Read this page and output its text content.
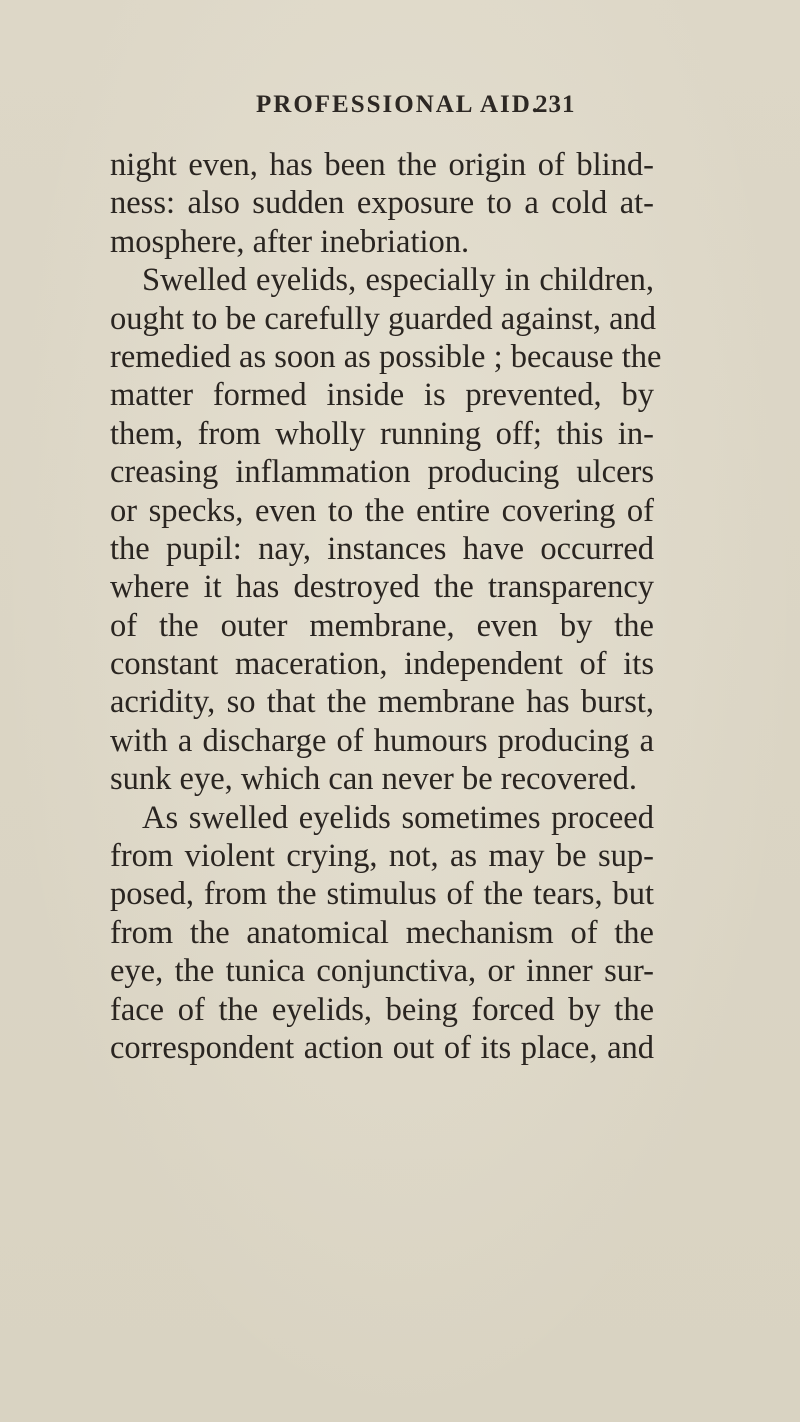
PROFESSIONAL AID.
231
night even, has been the origin of blind-
ness: also sudden exposure to a cold at-
mosphere, after inebriation.
Swelled eyelids, especially in children,
ought to be carefully guarded against, and
remedied as soon as possible ; because the
matter formed inside is prevented, by
them, from wholly running off; this in-
creasing inflammation producing ulcers
or specks, even to the entire covering of
the pupil: nay, instances have occurred
where it has destroyed the transparency
of the outer membrane, even by the
constant maceration, independent of its
acridity, so that the membrane has burst,
with a discharge of humours producing a
sunk eye, which can never be recovered.
As swelled eyelids sometimes proceed
from violent crying, not, as may be sup-
posed, from the stimulus of the tears, but
from the anatomical mechanism of the
eye, the tunica conjunctiva, or inner sur-
face of the eyelids, being forced by the
correspondent action out of its place, and
